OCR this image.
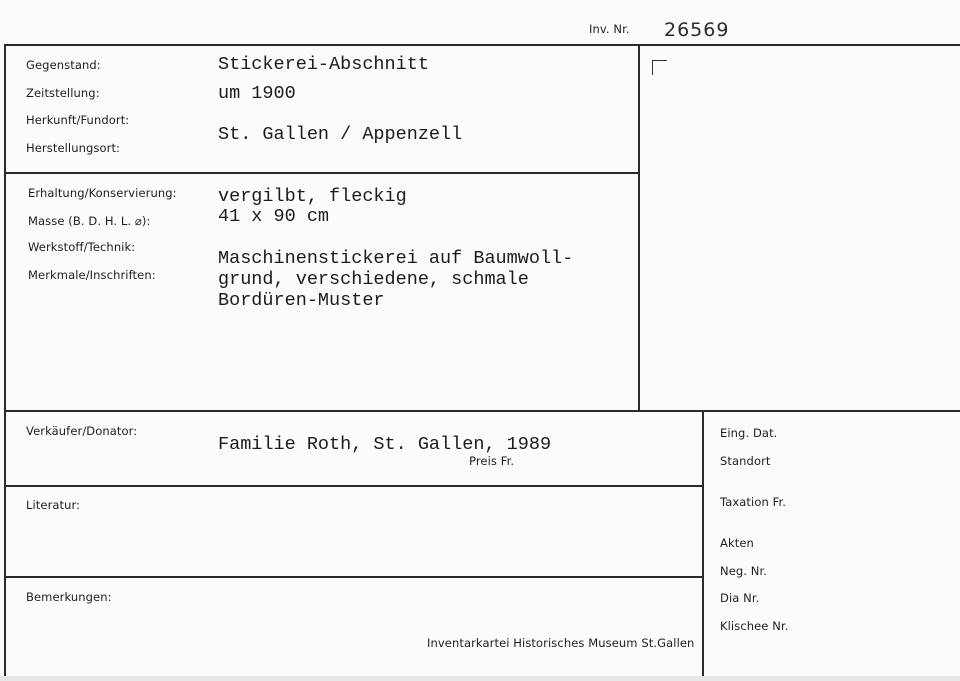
Inv. Nr. 26569
Gegenstand:
Zeitstellung:
Herkunft/Fundort:
Herstellungsort:
Stickerei-Abschnitt
um 1900
St. Gallen / Appenzell
Erhaltung/Konservierung:
Masse (B. D. H. L. ⌀):
Werkstoff/Technik:
Merkmale/Inschriften:
vergilbt, fleckig
41 x 90 cm
Maschinenstickerei auf Baumwoll-
grund, verschiedene, schmale
Bordüren-Muster
Verkäufer/Donator:
Familie Roth, St. Gallen, 1989
Preis Fr.
Literatur:
Bemerkungen:
Inventarkartei Historisches Museum St.Gallen
Eing. Dat.
Standort
Taxation Fr.
Akten
Neg. Nr.
Dia Nr.
Klischee Nr.
